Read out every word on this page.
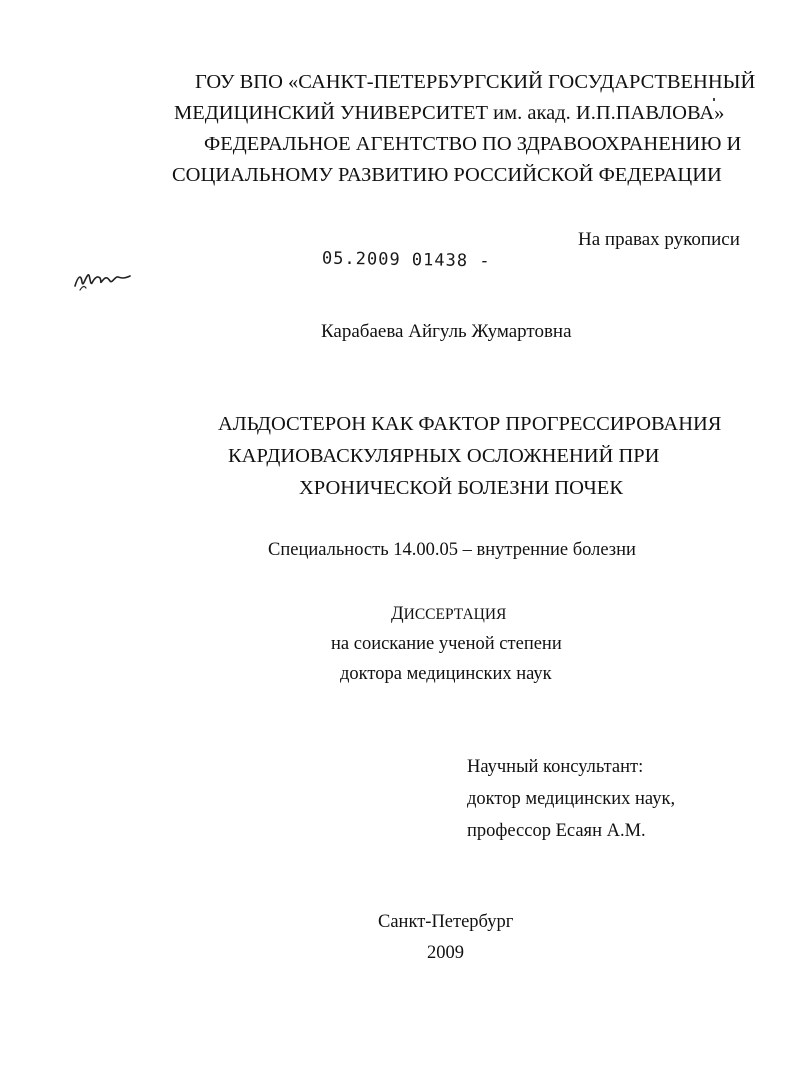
ГОУ ВПО «САНКТ-ПЕТЕРБУРГСКИЙ ГОСУДАРСТВЕННЫЙ
МЕДИЦИНСКИЙ УНИВЕРСИТЕТ им. акад. И.П.ПАВЛОВА»
ФЕДЕРАЛЬНОЕ АГЕНТСТВО ПО ЗДРАВООХРАНЕНИЮ И
СОЦИАЛЬНОМУ РАЗВИТИЮ РОССИЙСКОЙ ФЕДЕРАЦИИ
На правах рукописи
05.2009 01438 -
Карабаева Айгуль Жумартовна
АЛЬДОСТЕРОН КАК ФАКТОР ПРОГРЕССИРОВАНИЯ
КАРДИОВАСКУЛЯРНЫХ ОСЛОЖНЕНИЙ ПРИ
ХРОНИЧЕСКОЙ БОЛЕЗНИ ПОЧЕК
Специальность 14.00.05 – внутренние болезни
ДИССЕРТАЦИЯ
на соискание ученой степени
доктора медицинских наук
Научный консультант:
доктор медицинских наук,
профессор Есаян А.М.
Санкт-Петербург
2009
